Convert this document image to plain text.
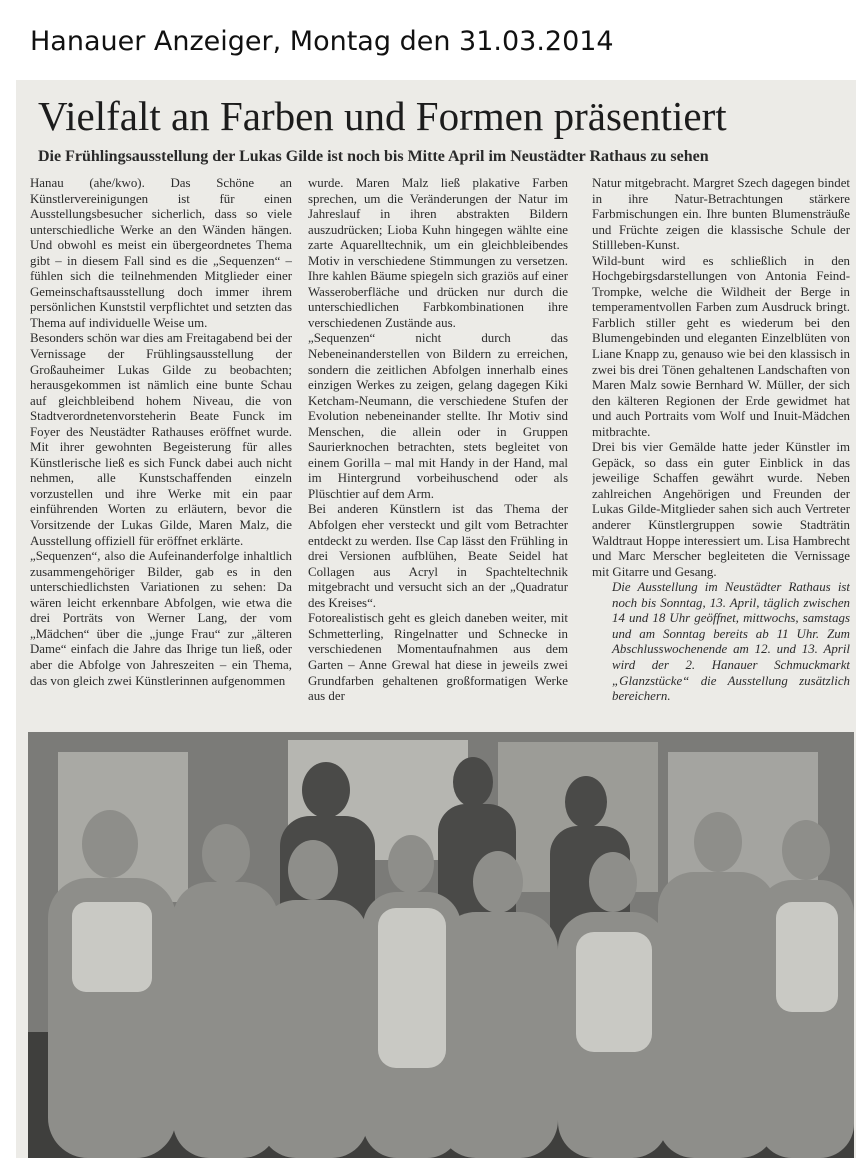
Hanauer Anzeiger, Montag den 31.03.2014
Vielfalt an Farben und Formen präsentiert
Die Frühlingsausstellung der Lukas Gilde ist noch bis Mitte April im Neustädter Rathaus zu sehen

Hanau (ahe/kwo). Das Schöne an Künstlervereinigungen ist für einen Ausstellungsbesucher sicherlich, dass so viele unterschiedliche Werke an den Wänden hängen. Und obwohl es meist ein übergeordnetes Thema gibt – in diesem Fall sind es die „Sequenzen“ – fühlen sich die teilnehmenden Mitglieder einer Gemeinschaftsausstellung doch immer ihrem persönlichen Kunststil verpflichtet und setzten das Thema auf individuelle Weise um.

Besonders schön war dies am Freitagabend bei der Vernissage der Frühlingsausstellung der Großauheimer Lukas Gilde zu beobachten; herausgekommen ist nämlich eine bunte Schau auf gleichbleibend hohem Niveau, die von Stadtverordnetenvorsteherin Beate Funck im Foyer des Neustädter Rathauses eröffnet wurde. Mit ihrer gewohnten Begeisterung für alles Künstlerische ließ es sich Funck dabei auch nicht nehmen, alle Kunstschaffenden einzeln vorzustellen und ihre Werke mit ein paar einführenden Worten zu erläutern, bevor die Vorsitzende der Lukas Gilde, Maren Malz, die Ausstellung offiziell für eröffnet erklärte.

„Sequenzen“, also die Aufeinanderfolge inhaltlich zusammengehöriger Bilder, gab es in den unterschiedlichsten Variationen zu sehen: Da wären leicht erkennbare Abfolgen, wie etwa die drei Porträts von Werner Lang, der vom „Mädchen“ über die „junge Frau“ zur „älteren Dame“ einfach die Jahre das Ihrige tun ließ, oder aber die Abfolge von Jahreszeiten – ein Thema, das von gleich zwei Künstlerinnen aufgenommen

wurde. Maren Malz ließ plakative Farben sprechen, um die Veränderungen der Natur im Jahreslauf in ihren abstrakten Bildern auszudrücken; Lioba Kuhn hingegen wählte eine zarte Aquarelltechnik, um ein gleichbleibendes Motiv in verschiedene Stimmungen zu versetzen. Ihre kahlen Bäume spiegeln sich graziös auf einer Wasseroberfläche und drücken nur durch die unterschiedlichen Farbkombinationen ihre verschiedenen Zustände aus.

„Sequenzen“ nicht durch das Nebeneinanderstellen von Bildern zu erreichen, sondern die zeitlichen Abfolgen innerhalb eines einzigen Werkes zu zeigen, gelang dagegen Kiki Ketcham-Neumann, die verschiedene Stufen der Evolution nebeneinander stellte. Ihr Motiv sind Menschen, die allein oder in Gruppen Saurierknochen betrachten, stets begleitet von einem Gorilla – mal mit Handy in der Hand, mal im Hintergrund vorbeihuschend oder als Plüschtier auf dem Arm.

Bei anderen Künstlern ist das Thema der Abfolgen eher versteckt und gilt vom Betrachter entdeckt zu werden. Ilse Cap lässt den Frühling in drei Versionen aufblühen, Beate Seidel hat Collagen aus Acryl in Spachteltechnik mitgebracht und versucht sich an der „Quadratur des Kreises“.

Fotorealistisch geht es gleich daneben weiter, mit Schmetterling, Ringelnatter und Schnecke in verschiedenen Momentaufnahmen aus dem Garten – Anne Grewal hat diese in jeweils zwei Grundfarben gehaltenen großformatigen Werke aus der

Natur mitgebracht. Margret Szech dagegen bindet in ihre Natur-Betrachtungen stärkere Farbmischungen ein. Ihre bunten Blumensträuße und Früchte zeigen die klassische Schule der Stillleben-Kunst.

Wild-bunt wird es schließlich in den Hochgebirgsdarstellungen von Antonia Feind-Trompke, welche die Wildheit der Berge in temperamentvollen Farben zum Ausdruck bringt. Farblich stiller geht es wiederum bei den Blumengebinden und eleganten Einzelblüten von Liane Knapp zu, genauso wie bei den klassisch in zwei bis drei Tönen gehaltenen Landschaften von Maren Malz sowie Bernhard W. Müller, der sich den kälteren Regionen der Erde gewidmet hat und auch Portraits vom Wolf und Inuit-Mädchen mitbrachte.

Drei bis vier Gemälde hatte jeder Künstler im Gepäck, so dass ein guter Einblick in das jeweilige Schaffen gewährt wurde. Neben zahlreichen Angehörigen und Freunden der Lukas Gilde-Mitglieder sahen sich auch Vertreter anderer Künstlergruppen sowie Stadträtin Waldtraut Hoppe interessiert um. Lisa Hambrecht und Marc Merscher begleiteten die Vernissage mit Gitarre und Gesang.

Die Ausstellung im Neustädter Rathaus ist noch bis Sonntag, 13. April, täglich zwischen 14 und 18 Uhr geöffnet, mittwochs, samstags und am Sonntag bereits ab 11 Uhr. Zum Abschlusswochenende am 12. und 13. April wird der 2. Hanauer Schmuckmarkt „Glanzstücke“ die Ausstellung zusätzlich bereichern.
